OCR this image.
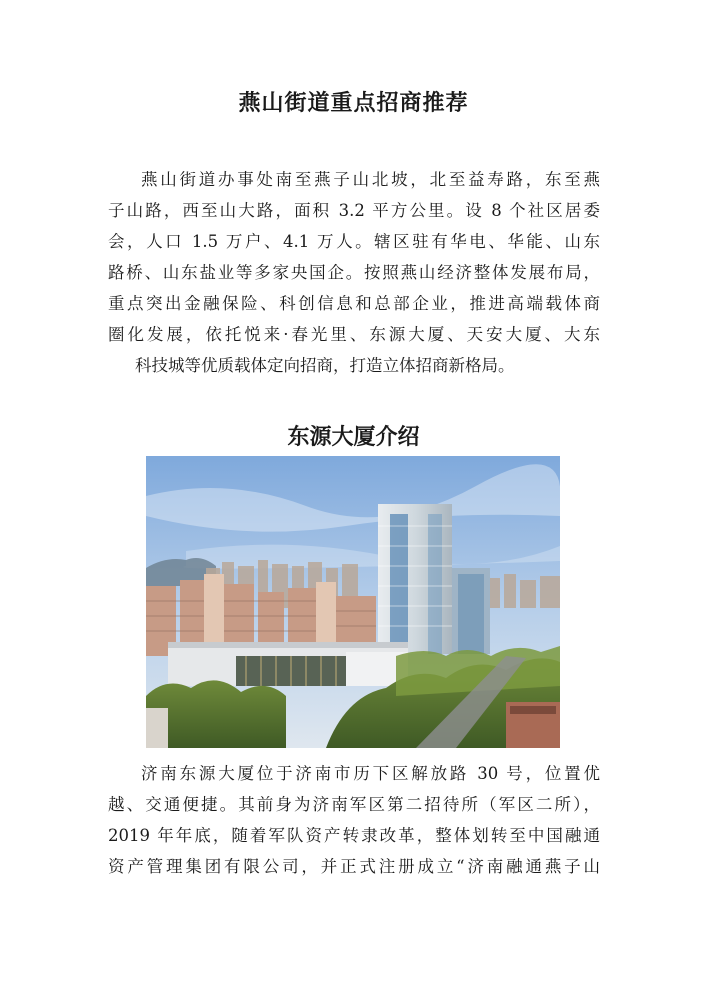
燕山街道重点招商推荐

燕山街道办事处南至燕子山北坡，北至益寿路，东至燕
子山路，西至山大路，面积 3.2 平方公里。设 8 个社区居委
会，人口 1.5 万户、4.1 万人。辖区驻有华电、华能、山东
路桥、山东盐业等多家央国企。按照燕山经济整体发展布局，
重点突出金融保险、科创信息和总部企业，推进高端载体商
圈化发展，依托悦来·春光里、东源大厦、天安大厦、大东
科技城等优质载体定向招商，打造立体招商新格局。

东源大厦介绍

济南东源大厦位于济南市历下区解放路 30 号，位置优
越、交通便捷。其前身为济南军区第二招待所（军区二所），
2019 年年底，随着军队资产转隶改革，整体划转至中国融通
资产管理集团有限公司，并正式注册成立“济南融通燕子山
